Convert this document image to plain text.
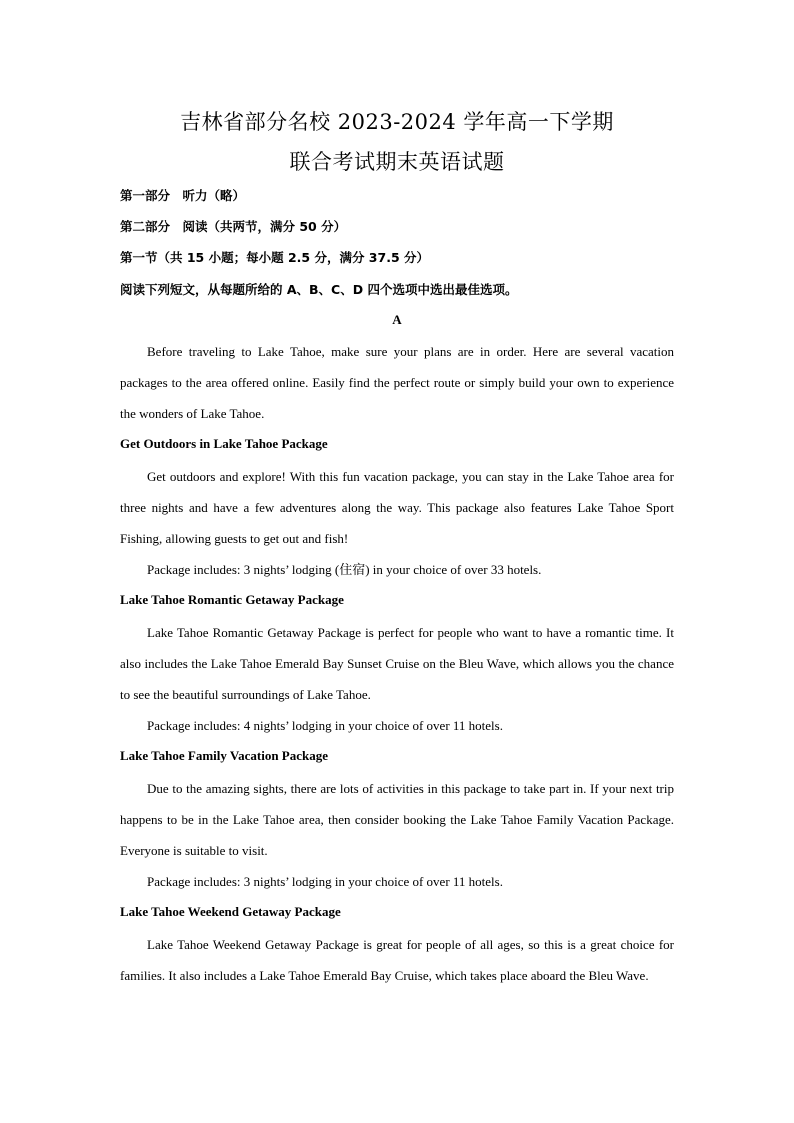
吉林省部分名校 2023-2024 学年高一下学期
联合考试期末英语试题
第一部分　听力（略）
第二部分　阅读（共两节，满分 50 分）
第一节（共 15 小题；每小题 2.5 分，满分 37.5 分）
阅读下列短文，从每题所给的 A、B、C、D 四个选项中选出最佳选项。
A
Before traveling to Lake Tahoe, make sure your plans are in order. Here are several vacation packages to the area offered online. Easily find the perfect route or simply build your own to experience the wonders of Lake Tahoe.
Get Outdoors in Lake Tahoe Package
Get outdoors and explore! With this fun vacation package, you can stay in the Lake Tahoe area for three nights and have a few adventures along the way. This package also features Lake Tahoe Sport Fishing, allowing guests to get out and fish!
Package includes: 3 nights’ lodging (住宿) in your choice of over 33 hotels.
Lake Tahoe Romantic Getaway Package
Lake Tahoe Romantic Getaway Package is perfect for people who want to have a romantic time. It also includes the Lake Tahoe Emerald Bay Sunset Cruise on the Bleu Wave, which allows you the chance to see the beautiful surroundings of Lake Tahoe.
Package includes: 4 nights’ lodging in your choice of over 11 hotels.
Lake Tahoe Family Vacation Package
Due to the amazing sights, there are lots of activities in this package to take part in. If your next trip happens to be in the Lake Tahoe area, then consider booking the Lake Tahoe Family Vacation Package. Everyone is suitable to visit.
Package includes: 3 nights’ lodging in your choice of over 11 hotels.
Lake Tahoe Weekend Getaway Package
Lake Tahoe Weekend Getaway Package is great for people of all ages, so this is a great choice for families. It also includes a Lake Tahoe Emerald Bay Cruise, which takes place aboard the Bleu Wave.
